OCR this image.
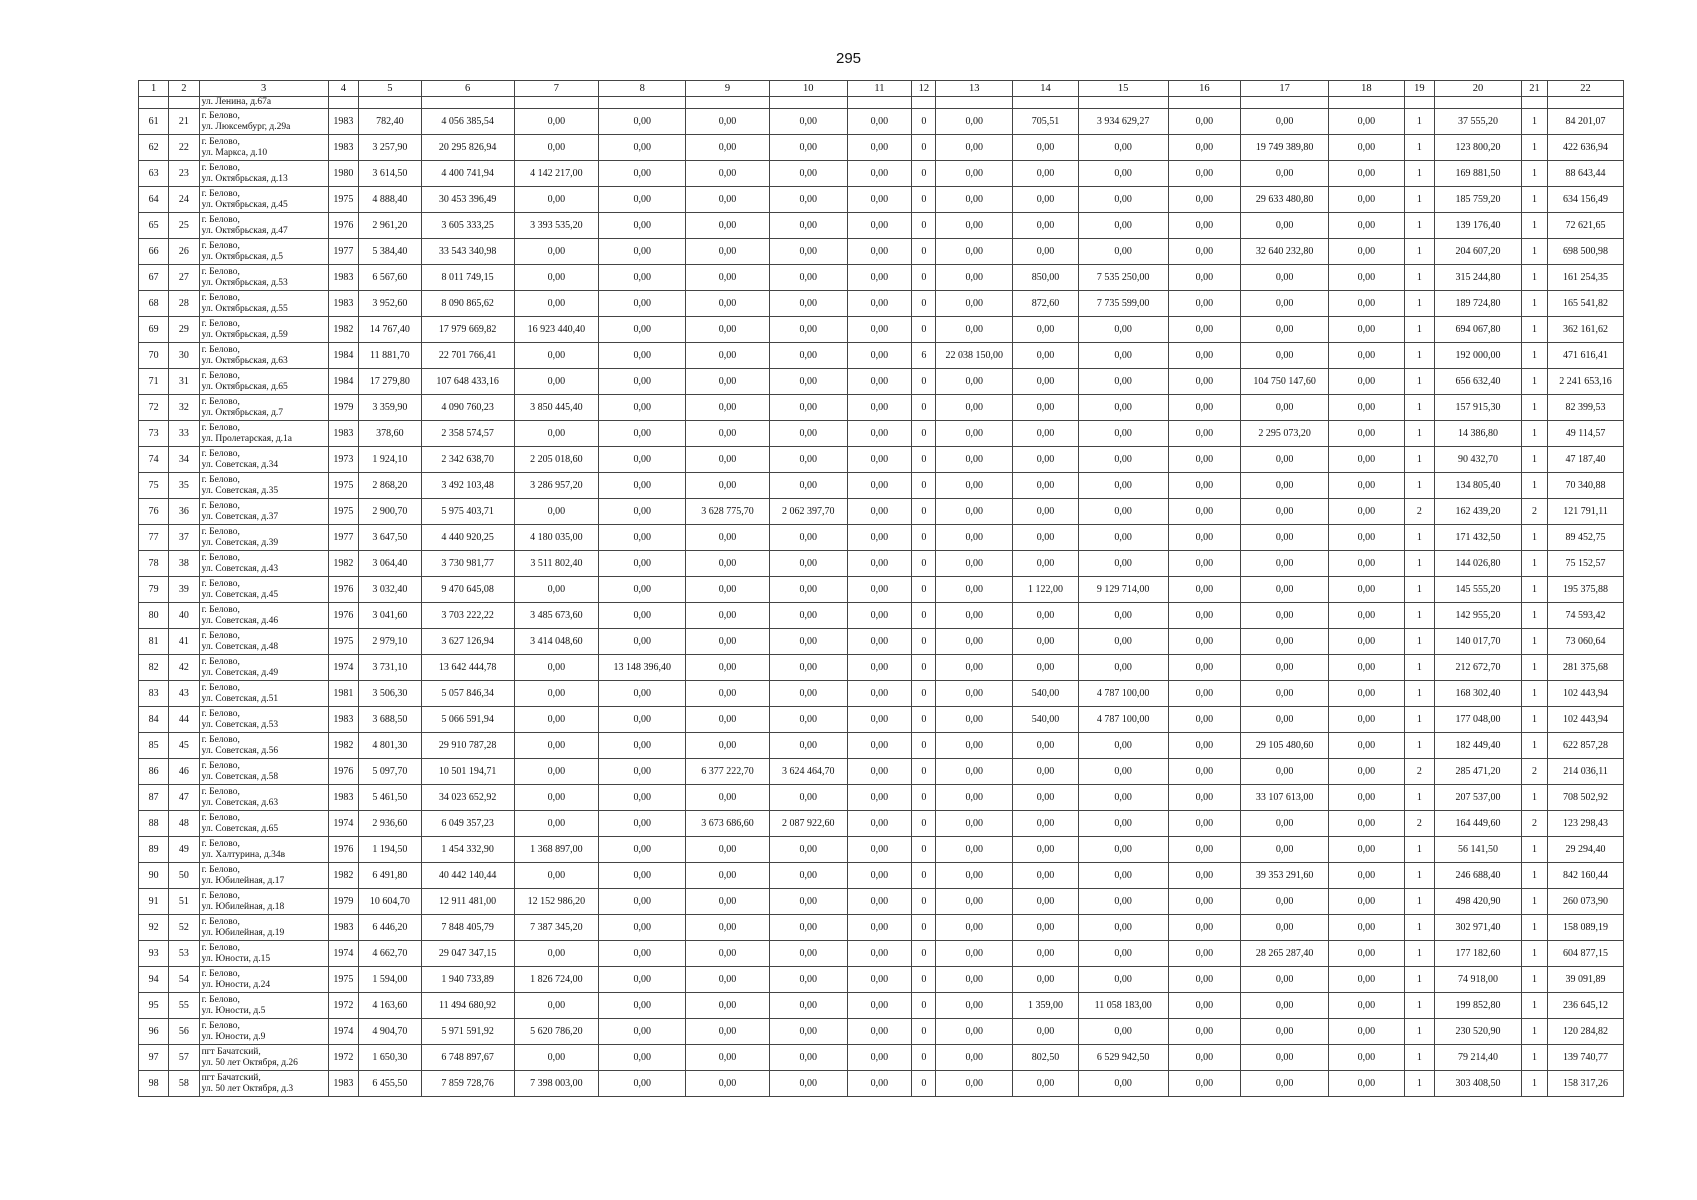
295
1	2	3	4	5	6	7	8	9	10	11	12	13	14	15	16	17	18	19	20	21	22
		ул. Ленина, д.67а																			
61	21	г. Белово,
ул. Люксембург, д.29а	1983	782,40	4 056 385,54	0,00	0,00	0,00	0,00	0,00	0	0,00	705,51	3 934 629,27	0,00	0,00	0,00	1	37 555,20	1	84 201,07
62	22	г. Белово,
ул. Маркса, д.10	1983	3 257,90	20 295 826,94	0,00	0,00	0,00	0,00	0,00	0	0,00	0,00	0,00	0,00	19 749 389,80	0,00	1	123 800,20	1	422 636,94
63	23	г. Белово,
ул. Октябрьская, д.13	1980	3 614,50	4 400 741,94	4 142 217,00	0,00	0,00	0,00	0,00	0	0,00	0,00	0,00	0,00	0,00	0,00	1	169 881,50	1	88 643,44
64	24	г. Белово,
ул. Октябрьская, д.45	1975	4 888,40	30 453 396,49	0,00	0,00	0,00	0,00	0,00	0	0,00	0,00	0,00	0,00	29 633 480,80	0,00	1	185 759,20	1	634 156,49
65	25	г. Белово,
ул. Октябрьская, д.47	1976	2 961,20	3 605 333,25	3 393 535,20	0,00	0,00	0,00	0,00	0	0,00	0,00	0,00	0,00	0,00	0,00	1	139 176,40	1	72 621,65
66	26	г. Белово,
ул. Октябрьская, д.5	1977	5 384,40	33 543 340,98	0,00	0,00	0,00	0,00	0,00	0	0,00	0,00	0,00	0,00	32 640 232,80	0,00	1	204 607,20	1	698 500,98
67	27	г. Белово,
ул. Октябрьская, д.53	1983	6 567,60	8 011 749,15	0,00	0,00	0,00	0,00	0,00	0	0,00	850,00	7 535 250,00	0,00	0,00	0,00	1	315 244,80	1	161 254,35
68	28	г. Белово,
ул. Октябрьская, д.55	1983	3 952,60	8 090 865,62	0,00	0,00	0,00	0,00	0,00	0	0,00	872,60	7 735 599,00	0,00	0,00	0,00	1	189 724,80	1	165 541,82
69	29	г. Белово,
ул. Октябрьская, д.59	1982	14 767,40	17 979 669,82	16 923 440,40	0,00	0,00	0,00	0,00	0	0,00	0,00	0,00	0,00	0,00	0,00	1	694 067,80	1	362 161,62
70	30	г. Белово,
ул. Октябрьская, д.63	1984	11 881,70	22 701 766,41	0,00	0,00	0,00	0,00	0,00	6	22 038 150,00	0,00	0,00	0,00	0,00	0,00	1	192 000,00	1	471 616,41
71	31	г. Белово,
ул. Октябрьская, д.65	1984	17 279,80	107 648 433,16	0,00	0,00	0,00	0,00	0,00	0	0,00	0,00	0,00	0,00	104 750 147,60	0,00	1	656 632,40	1	2 241 653,16
72	32	г. Белово,
ул. Октябрьская, д.7	1979	3 359,90	4 090 760,23	3 850 445,40	0,00	0,00	0,00	0,00	0	0,00	0,00	0,00	0,00	0,00	0,00	1	157 915,30	1	82 399,53
73	33	г. Белово,
ул. Пролетарская, д.1а	1983	378,60	2 358 574,57	0,00	0,00	0,00	0,00	0,00	0	0,00	0,00	0,00	0,00	2 295 073,20	0,00	1	14 386,80	1	49 114,57
74	34	г. Белово,
ул. Советская, д.34	1973	1 924,10	2 342 638,70	2 205 018,60	0,00	0,00	0,00	0,00	0	0,00	0,00	0,00	0,00	0,00	0,00	1	90 432,70	1	47 187,40
75	35	г. Белово,
ул. Советская, д.35	1975	2 868,20	3 492 103,48	3 286 957,20	0,00	0,00	0,00	0,00	0	0,00	0,00	0,00	0,00	0,00	0,00	1	134 805,40	1	70 340,88
76	36	г. Белово,
ул. Советская, д.37	1975	2 900,70	5 975 403,71	0,00	0,00	3 628 775,70	2 062 397,70	0,00	0	0,00	0,00	0,00	0,00	0,00	0,00	2	162 439,20	2	121 791,11
77	37	г. Белово,
ул. Советская, д.39	1977	3 647,50	4 440 920,25	4 180 035,00	0,00	0,00	0,00	0,00	0	0,00	0,00	0,00	0,00	0,00	0,00	1	171 432,50	1	89 452,75
78	38	г. Белово,
ул. Советская, д.43	1982	3 064,40	3 730 981,77	3 511 802,40	0,00	0,00	0,00	0,00	0	0,00	0,00	0,00	0,00	0,00	0,00	1	144 026,80	1	75 152,57
79	39	г. Белово,
ул. Советская, д.45	1976	3 032,40	9 470 645,08	0,00	0,00	0,00	0,00	0,00	0	0,00	1 122,00	9 129 714,00	0,00	0,00	0,00	1	145 555,20	1	195 375,88
80	40	г. Белово,
ул. Советская, д.46	1976	3 041,60	3 703 222,22	3 485 673,60	0,00	0,00	0,00	0,00	0	0,00	0,00	0,00	0,00	0,00	0,00	1	142 955,20	1	74 593,42
81	41	г. Белово,
ул. Советская, д.48	1975	2 979,10	3 627 126,94	3 414 048,60	0,00	0,00	0,00	0,00	0	0,00	0,00	0,00	0,00	0,00	0,00	1	140 017,70	1	73 060,64
82	42	г. Белово,
ул. Советская, д.49	1974	3 731,10	13 642 444,78	0,00	13 148 396,40	0,00	0,00	0,00	0	0,00	0,00	0,00	0,00	0,00	0,00	1	212 672,70	1	281 375,68
83	43	г. Белово,
ул. Советская, д.51	1981	3 506,30	5 057 846,34	0,00	0,00	0,00	0,00	0,00	0	0,00	540,00	4 787 100,00	0,00	0,00	0,00	1	168 302,40	1	102 443,94
84	44	г. Белово,
ул. Советская, д.53	1983	3 688,50	5 066 591,94	0,00	0,00	0,00	0,00	0,00	0	0,00	540,00	4 787 100,00	0,00	0,00	0,00	1	177 048,00	1	102 443,94
85	45	г. Белово,
ул. Советская, д.56	1982	4 801,30	29 910 787,28	0,00	0,00	0,00	0,00	0,00	0	0,00	0,00	0,00	0,00	29 105 480,60	0,00	1	182 449,40	1	622 857,28
86	46	г. Белово,
ул. Советская, д.58	1976	5 097,70	10 501 194,71	0,00	0,00	6 377 222,70	3 624 464,70	0,00	0	0,00	0,00	0,00	0,00	0,00	0,00	2	285 471,20	2	214 036,11
87	47	г. Белово,
ул. Советская, д.63	1983	5 461,50	34 023 652,92	0,00	0,00	0,00	0,00	0,00	0	0,00	0,00	0,00	0,00	33 107 613,00	0,00	1	207 537,00	1	708 502,92
88	48	г. Белово,
ул. Советская, д.65	1974	2 936,60	6 049 357,23	0,00	0,00	3 673 686,60	2 087 922,60	0,00	0	0,00	0,00	0,00	0,00	0,00	0,00	2	164 449,60	2	123 298,43
89	49	г. Белово,
ул. Халтурина, д.34в	1976	1 194,50	1 454 332,90	1 368 897,00	0,00	0,00	0,00	0,00	0	0,00	0,00	0,00	0,00	0,00	0,00	1	56 141,50	1	29 294,40
90	50	г. Белово,
ул. Юбилейная, д.17	1982	6 491,80	40 442 140,44	0,00	0,00	0,00	0,00	0,00	0	0,00	0,00	0,00	0,00	39 353 291,60	0,00	1	246 688,40	1	842 160,44
91	51	г. Белово,
ул. Юбилейная, д.18	1979	10 604,70	12 911 481,00	12 152 986,20	0,00	0,00	0,00	0,00	0	0,00	0,00	0,00	0,00	0,00	0,00	1	498 420,90	1	260 073,90
92	52	г. Белово,
ул. Юбилейная, д.19	1983	6 446,20	7 848 405,79	7 387 345,20	0,00	0,00	0,00	0,00	0	0,00	0,00	0,00	0,00	0,00	0,00	1	302 971,40	1	158 089,19
93	53	г. Белово,
ул. Юности, д.15	1974	4 662,70	29 047 347,15	0,00	0,00	0,00	0,00	0,00	0	0,00	0,00	0,00	0,00	28 265 287,40	0,00	1	177 182,60	1	604 877,15
94	54	г. Белово,
ул. Юности, д.24	1975	1 594,00	1 940 733,89	1 826 724,00	0,00	0,00	0,00	0,00	0	0,00	0,00	0,00	0,00	0,00	0,00	1	74 918,00	1	39 091,89
95	55	г. Белово,
ул. Юности, д.5	1972	4 163,60	11 494 680,92	0,00	0,00	0,00	0,00	0,00	0	0,00	1 359,00	11 058 183,00	0,00	0,00	0,00	1	199 852,80	1	236 645,12
96	56	г. Белово,
ул. Юности, д.9	1974	4 904,70	5 971 591,92	5 620 786,20	0,00	0,00	0,00	0,00	0	0,00	0,00	0,00	0,00	0,00	0,00	1	230 520,90	1	120 284,82
97	57	пгт Бачатский,
ул. 50 лет Октября, д.26	1972	1 650,30	6 748 897,67	0,00	0,00	0,00	0,00	0,00	0	0,00	802,50	6 529 942,50	0,00	0,00	0,00	1	79 214,40	1	139 740,77
98	58	пгт Бачатский,
ул. 50 лет Октября, д.3	1983	6 455,50	7 859 728,76	7 398 003,00	0,00	0,00	0,00	0,00	0	0,00	0,00	0,00	0,00	0,00	0,00	1	303 408,50	1	158 317,26
